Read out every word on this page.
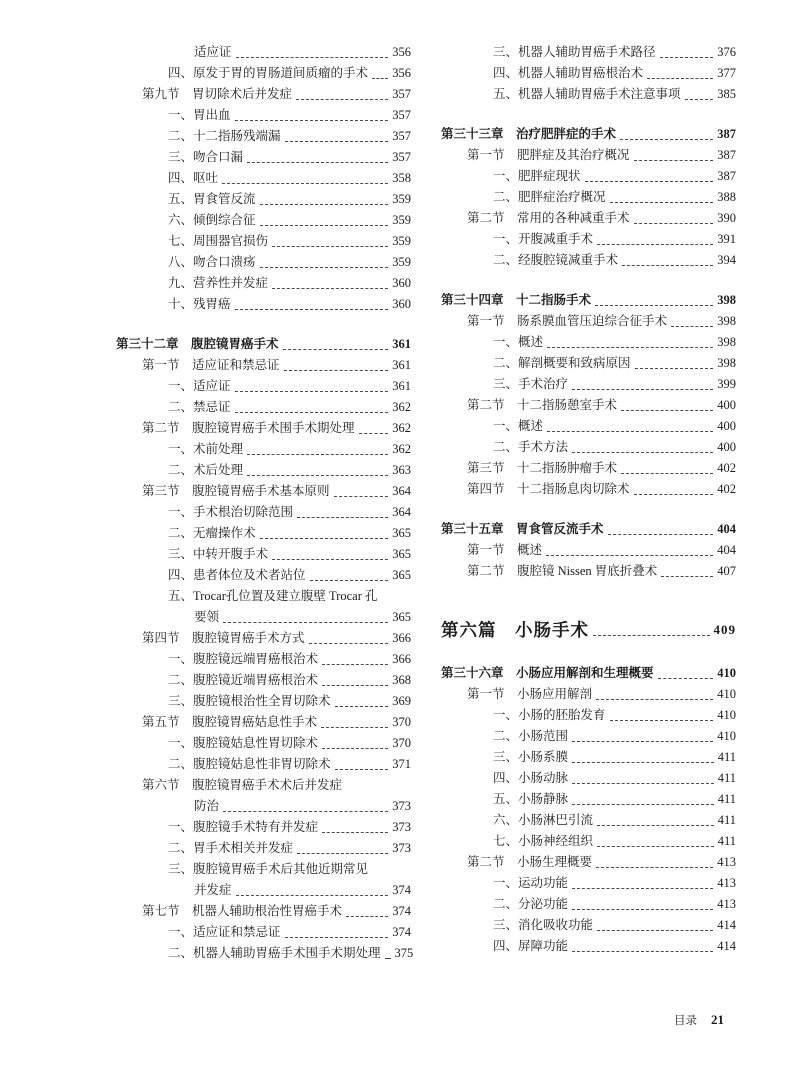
适应证	356
四、原发于胃的胃肠道间质瘤的手术 356
第九节　胃切除术后并发症	357
一、胃出血	357
二、十二指肠残端漏	357
三、吻合口漏	357
四、呕吐	358
五、胃食管反流	359
六、倾倒综合征	359
七、周围器官损伤	359
八、吻合口溃疡	359
九、营养性并发症	360
十、残胃癌	360
第三十二章　腹腔镜胃癌手术	361
第一节　适应证和禁忌证	361
一、适应证	361
二、禁忌证	362
第二节　腹腔镜胃癌手术围手术期处理	362
一、术前处理	362
二、术后处理	363
第三节　腹腔镜胃癌手术基本原则	364
一、手术根治切除范围	364
二、无瘤操作术	365
三、中转开腹手术	365
四、患者体位及术者站位	365
五、Trocar孔位置及建立腹壁 Trocar 孔
要领	365
第四节　腹腔镜胃癌手术方式	366
一、腹腔镜远端胃癌根治术	366
二、腹腔镜近端胃癌根治术	368
三、腹腔镜根治性全胃切除术	369
第五节　腹腔镜胃癌姑息性手术	370
一、腹腔镜姑息性胃切除术	370
二、腹腔镜姑息性非胃切除术	371
第六节　腹腔镜胃癌手术术后并发症
防治	373
一、腹腔镜手术特有并发症	373
二、胃手术相关并发症	373
三、腹腔镜胃癌手术后其他近期常见
并发症	374
第七节　机器人辅助根治性胃癌手术	374
一、适应证和禁忌证	374
二、机器人辅助胃癌手术围手术期处理 375
三、机器人辅助胃癌手术路径	376
四、机器人辅助胃癌根治术	377
五、机器人辅助胃癌手术注意事项	385
第三十三章　治疗肥胖症的手术	387
第一节　肥胖症及其治疗概况	387
一、肥胖症现状	387
二、肥胖症治疗概况	388
第二节　常用的各种减重手术	390
一、开腹减重手术	391
二、经腹腔镜减重手术	394
第三十四章　十二指肠手术	398
第一节　肠系膜血管压迫综合征手术	398
一、概述	398
二、解剖概要和致病原因	398
三、手术治疗	399
第二节　十二指肠憩室手术	400
一、概述	400
二、手术方法	400
第三节　十二指肠肿瘤手术	402
第四节　十二指肠息肉切除术	402
第三十五章　胃食管反流手术	404
第一节　概述	404
第二节　腹腔镜 Nissen 胃底折叠术	407
第六篇　小肠手术	409
第三十六章　小肠应用解剖和生理概要	410
第一节　小肠应用解剖	410
一、小肠的胚胎发育	410
二、小肠范围	410
三、小肠系膜	411
四、小肠动脉	411
五、小肠静脉	411
六、小肠淋巴引流	411
七、小肠神经组织	411
第二节　小肠生理概要	413
一、运动功能	413
二、分泌功能	413
三、消化吸收功能	414
四、屏障功能	414
目录 21
